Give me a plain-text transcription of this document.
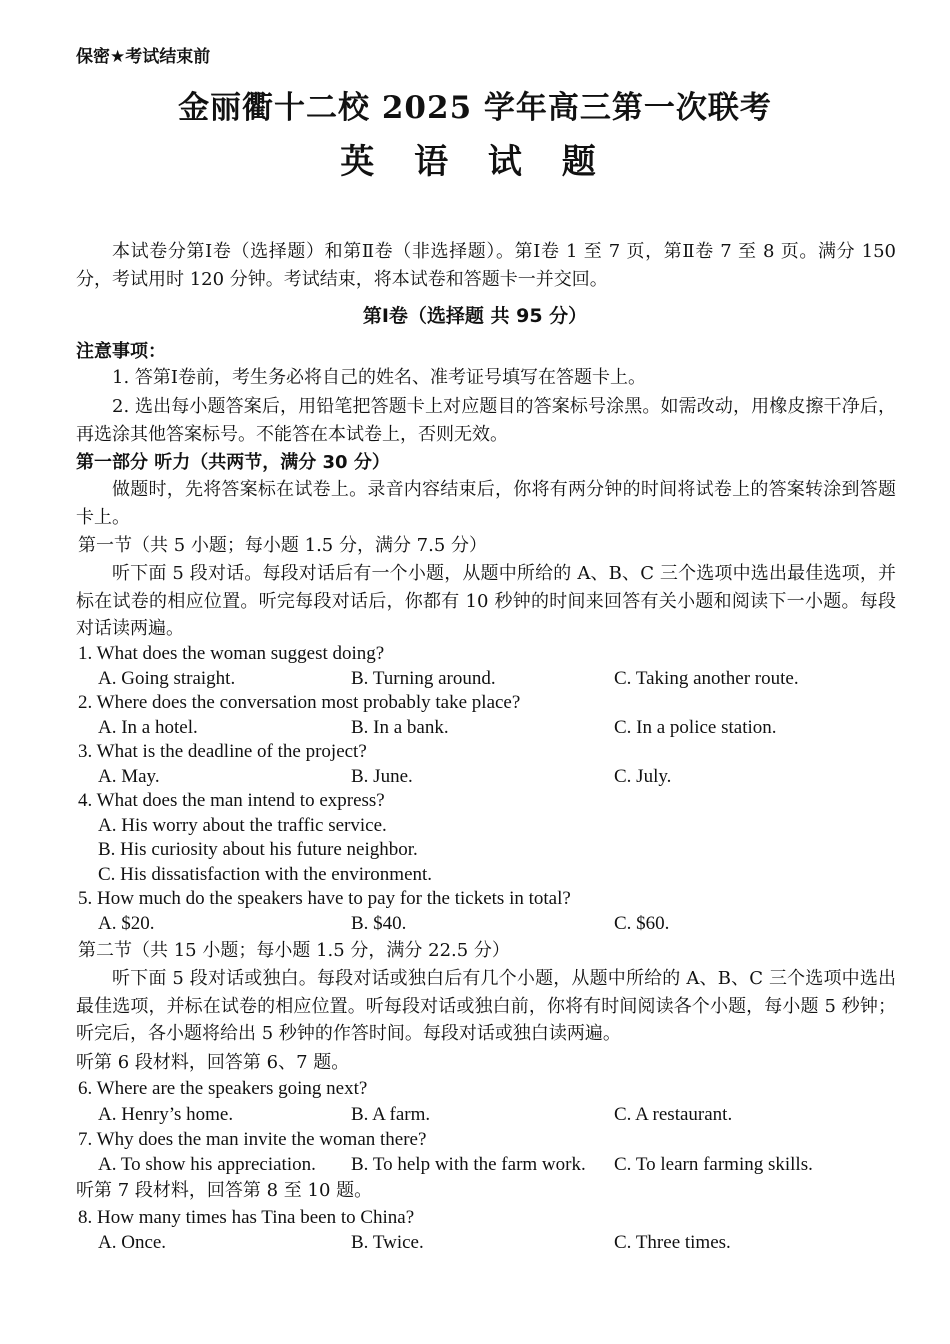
保密★考试结束前
金丽衢十二校 2025 学年高三第一次联考
英 语 试 题
本试卷分第Ⅰ卷（选择题）和第Ⅱ卷（非选择题）。第Ⅰ卷 1 至 7 页，第Ⅱ卷 7 至 8 页。满分 150 分，考试用时 120 分钟。考试结束，将本试卷和答题卡一并交回。
第Ⅰ卷（选择题 共 95 分）
注意事项：
1. 答第Ⅰ卷前，考生务必将自己的姓名、准考证号填写在答题卡上。
2. 选出每小题答案后，用铅笔把答题卡上对应题目的答案标号涂黑。如需改动，用橡皮擦干净后，再选涂其他答案标号。不能答在本试卷上，否则无效。
第一部分 听力（共两节，满分 30 分）
做题时，先将答案标在试卷上。录音内容结束后，你将有两分钟的时间将试卷上的答案转涂到答题卡上。
第一节（共 5 小题；每小题 1.5 分，满分 7.5 分）
听下面 5 段对话。每段对话后有一个小题，从题中所给的 A、B、C 三个选项中选出最佳选项，并标在试卷的相应位置。听完每段对话后，你都有 10 秒钟的时间来回答有关小题和阅读下一小题。每段对话读两遍。
1. What does the woman suggest doing?
A. Going straight.	B. Turning around.	C. Taking another route.
2. Where does the conversation most probably take place?
A. In a hotel.	B. In a bank.	C. In a police station.
3. What is the deadline of the project?
A. May.	B. June.	C. July.
4. What does the man intend to express?
A. His worry about the traffic service.
B. His curiosity about his future neighbor.
C. His dissatisfaction with the environment.
5. How much do the speakers have to pay for the tickets in total?
A. $20.	B. $40.	C. $60.
第二节（共 15 小题；每小题 1.5 分，满分 22.5 分）
听下面 5 段对话或独白。每段对话或独白后有几个小题，从题中所给的 A、B、C 三个选项中选出最佳选项，并标在试卷的相应位置。听每段对话或独白前，你将有时间阅读各个小题，每小题 5 秒钟；听完后，各小题将给出 5 秒钟的作答时间。每段对话或独白读两遍。
听第 6 段材料，回答第 6、7 题。
6. Where are the speakers going next?
A. Henry’s home.	B. A farm.	C. A restaurant.
7. Why does the man invite the woman there?
A. To show his appreciation. B. To help with the farm work. C. To learn farming skills.
听第 7 段材料，回答第 8 至 10 题。
8. How many times has Tina been to China?
A. Once.	B. Twice.	C. Three times.
